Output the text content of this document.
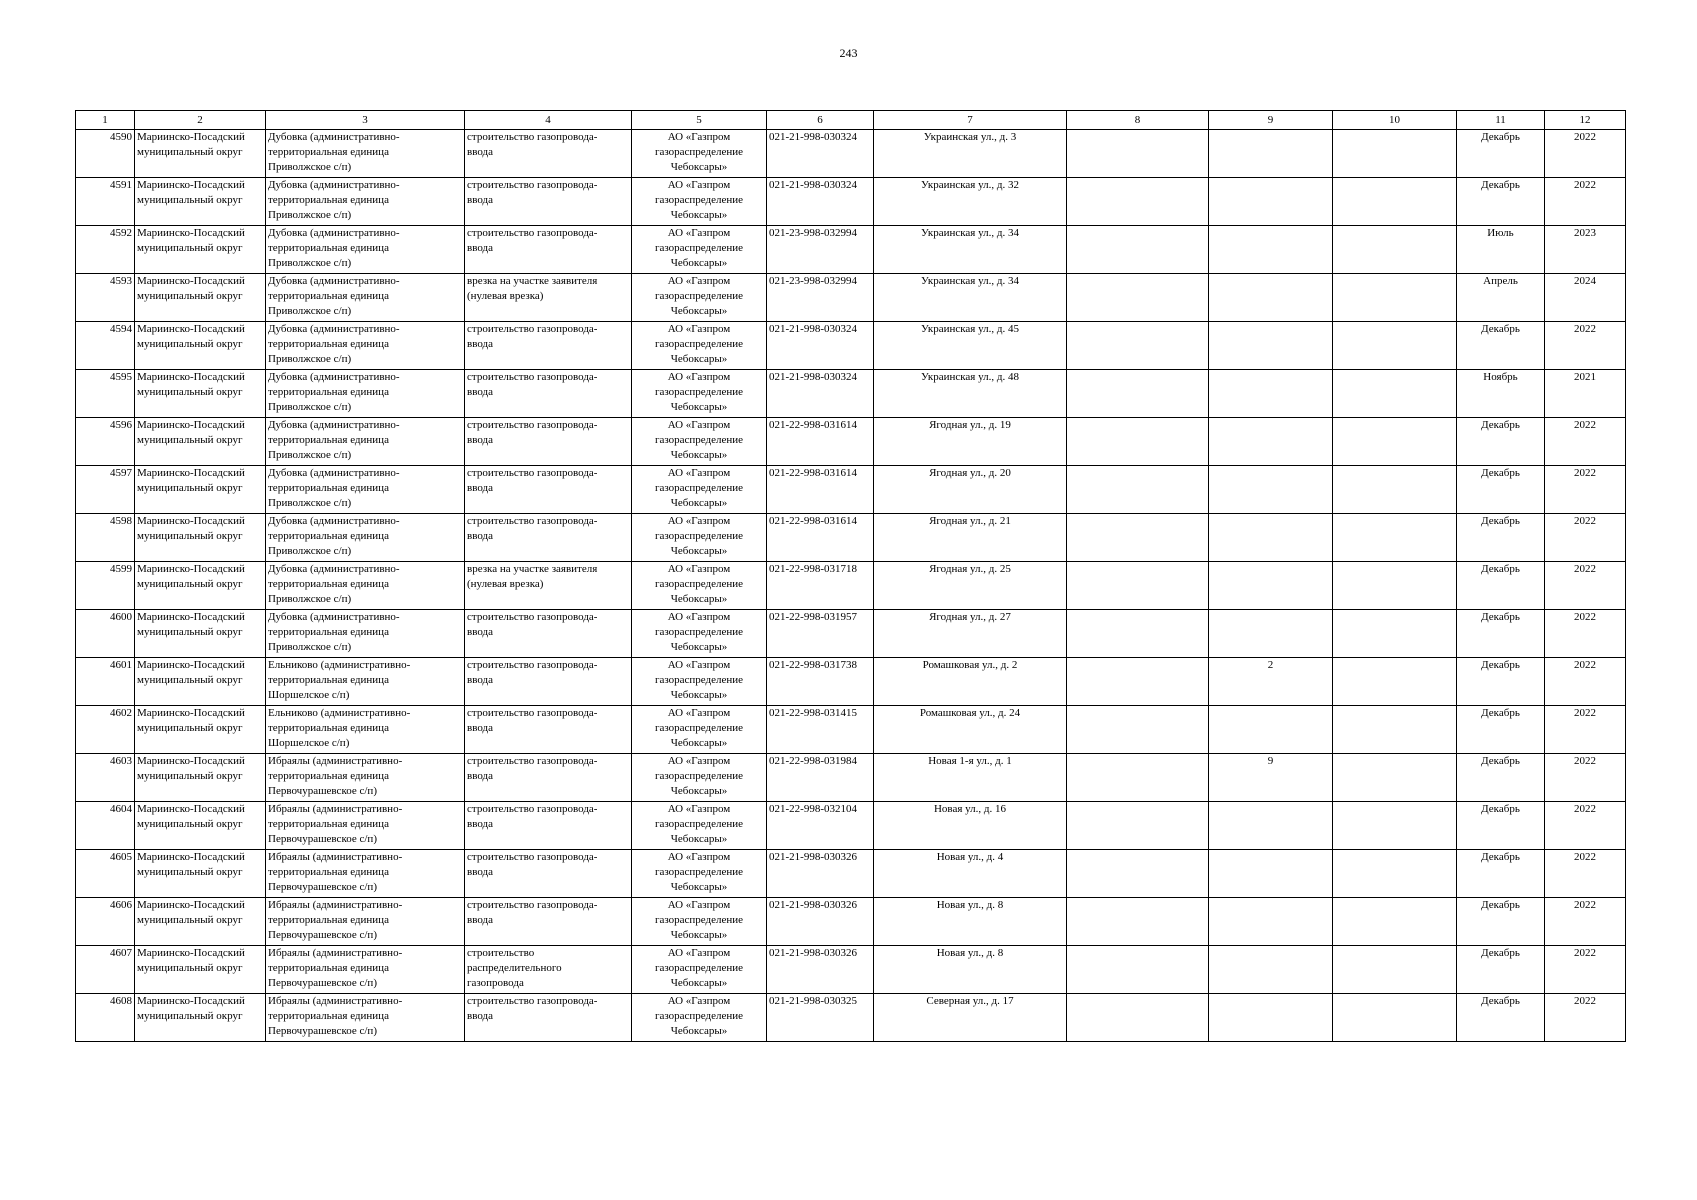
243
1	2	3	4	5	6	7	8	9	10	11	12
4590	Мариинско-Посадский
муниципальный округ	Дубовка (административно-
территориальная единица
Приволжское с/п)	строительство газопровода-
ввода	АО «Газпром
газораспределение
Чебоксары»	021-21-998-030324	Украинская ул., д. 3				Декабрь	2022
4591	Мариинско-Посадский
муниципальный округ	Дубовка (административно-
территориальная единица
Приволжское с/п)	строительство газопровода-
ввода	АО «Газпром
газораспределение
Чебоксары»	021-21-998-030324	Украинская ул., д. 32				Декабрь	2022
4592	Мариинско-Посадский
муниципальный округ	Дубовка (административно-
территориальная единица
Приволжское с/п)	строительство газопровода-
ввода	АО «Газпром
газораспределение
Чебоксары»	021-23-998-032994	Украинская ул., д. 34				Июль	2023
4593	Мариинско-Посадский
муниципальный округ	Дубовка (административно-
территориальная единица
Приволжское с/п)	врезка на участке заявителя
(нулевая врезка)	АО «Газпром
газораспределение
Чебоксары»	021-23-998-032994	Украинская ул., д. 34				Апрель	2024
4594	Мариинско-Посадский
муниципальный округ	Дубовка (административно-
территориальная единица
Приволжское с/п)	строительство газопровода-
ввода	АО «Газпром
газораспределение
Чебоксары»	021-21-998-030324	Украинская ул., д. 45				Декабрь	2022
4595	Мариинско-Посадский
муниципальный округ	Дубовка (административно-
территориальная единица
Приволжское с/п)	строительство газопровода-
ввода	АО «Газпром
газораспределение
Чебоксары»	021-21-998-030324	Украинская ул., д. 48				Ноябрь	2021
4596	Мариинско-Посадский
муниципальный округ	Дубовка (административно-
территориальная единица
Приволжское с/п)	строительство газопровода-
ввода	АО «Газпром
газораспределение
Чебоксары»	021-22-998-031614	Ягодная ул., д. 19				Декабрь	2022
4597	Мариинско-Посадский
муниципальный округ	Дубовка (административно-
территориальная единица
Приволжское с/п)	строительство газопровода-
ввода	АО «Газпром
газораспределение
Чебоксары»	021-22-998-031614	Ягодная ул., д. 20				Декабрь	2022
4598	Мариинско-Посадский
муниципальный округ	Дубовка (административно-
территориальная единица
Приволжское с/п)	строительство газопровода-
ввода	АО «Газпром
газораспределение
Чебоксары»	021-22-998-031614	Ягодная ул., д. 21				Декабрь	2022
4599	Мариинско-Посадский
муниципальный округ	Дубовка (административно-
территориальная единица
Приволжское с/п)	врезка на участке заявителя
(нулевая врезка)	АО «Газпром
газораспределение
Чебоксары»	021-22-998-031718	Ягодная ул., д. 25				Декабрь	2022
4600	Мариинско-Посадский
муниципальный округ	Дубовка (административно-
территориальная единица
Приволжское с/п)	строительство газопровода-
ввода	АО «Газпром
газораспределение
Чебоксары»	021-22-998-031957	Ягодная ул., д. 27				Декабрь	2022
4601	Мариинско-Посадский
муниципальный округ	Ельниково (административно-
территориальная единица
Шоршелское с/п)	строительство газопровода-
ввода	АО «Газпром
газораспределение
Чебоксары»	021-22-998-031738	Ромашковая ул., д. 2		2		Декабрь	2022
4602	Мариинско-Посадский
муниципальный округ	Ельниково (административно-
территориальная единица
Шоршелское с/п)	строительство газопровода-
ввода	АО «Газпром
газораспределение
Чебоксары»	021-22-998-031415	Ромашковая ул., д. 24				Декабрь	2022
4603	Мариинско-Посадский
муниципальный округ	Ибраялы (административно-
территориальная единица
Первочурашевское с/п)	строительство газопровода-
ввода	АО «Газпром
газораспределение
Чебоксары»	021-22-998-031984	Новая 1-я ул., д. 1		9		Декабрь	2022
4604	Мариинско-Посадский
муниципальный округ	Ибраялы (административно-
территориальная единица
Первочурашевское с/п)	строительство газопровода-
ввода	АО «Газпром
газораспределение
Чебоксары»	021-22-998-032104	Новая ул., д. 16				Декабрь	2022
4605	Мариинско-Посадский
муниципальный округ	Ибраялы (административно-
территориальная единица
Первочурашевское с/п)	строительство газопровода-
ввода	АО «Газпром
газораспределение
Чебоксары»	021-21-998-030326	Новая ул., д. 4				Декабрь	2022
4606	Мариинско-Посадский
муниципальный округ	Ибраялы (административно-
территориальная единица
Первочурашевское с/п)	строительство газопровода-
ввода	АО «Газпром
газораспределение
Чебоксары»	021-21-998-030326	Новая ул., д. 8				Декабрь	2022
4607	Мариинско-Посадский
муниципальный округ	Ибраялы (административно-
территориальная единица
Первочурашевское с/п)	строительство
распределительного
газопровода	АО «Газпром
газораспределение
Чебоксары»	021-21-998-030326	Новая ул., д. 8				Декабрь	2022
4608	Мариинско-Посадский
муниципальный округ	Ибраялы (административно-
территориальная единица
Первочурашевское с/п)	строительство газопровода-
ввода	АО «Газпром
газораспределение
Чебоксары»	021-21-998-030325	Северная ул., д. 17				Декабрь	2022
